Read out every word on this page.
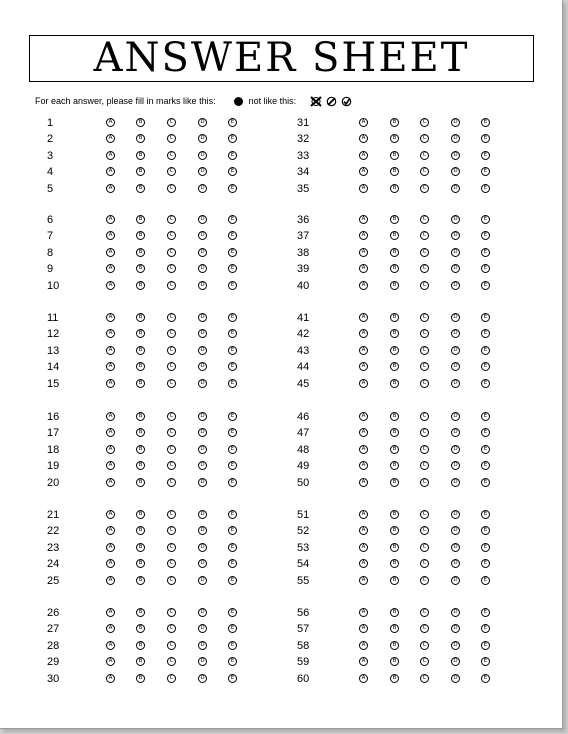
ANSWER SHEET
For each answer, please fill in marks like this:	not like this:
1	A	B	C	D	E
2	A	B	C	D	E
3	A	B	C	D	E
4	A	B	C	D	E
5	A	B	C	D	E
6	A	B	C	D	E
7	A	B	C	D	E
8	A	B	C	D	E
9	A	B	C	D	E
10	A	B	C	D	E
11	A	B	C	D	E
12	A	B	C	D	E
13	A	B	C	D	E
14	A	B	C	D	E
15	A	B	C	D	E
16	A	B	C	D	E
17	A	B	C	D	E
18	A	B	C	D	E
19	A	B	C	D	E
20	A	B	C	D	E
21	A	B	C	D	E
22	A	B	C	D	E
23	A	B	C	D	E
24	A	B	C	D	E
25	A	B	C	D	E
26	A	B	C	D	E
27	A	B	C	D	E
28	A	B	C	D	E
29	A	B	C	D	E
30	A	B	C	D	E
31	A	B	C	D	E
32	A	B	C	D	E
33	A	B	C	D	E
34	A	B	C	D	E
35	A	B	C	D	E
36	A	B	C	D	E
37	A	B	C	D	E
38	A	B	C	D	E
39	A	B	C	D	E
40	A	B	C	D	E
41	A	B	C	D	E
42	A	B	C	D	E
43	A	B	C	D	E
44	A	B	C	D	E
45	A	B	C	D	E
46	A	B	C	D	E
47	A	B	C	D	E
48	A	B	C	D	E
49	A	B	C	D	E
50	A	B	C	D	E
51	A	B	C	D	E
52	A	B	C	D	E
53	A	B	C	D	E
54	A	B	C	D	E
55	A	B	C	D	E
56	A	B	C	D	E
57	A	B	C	D	E
58	A	B	C	D	E
59	A	B	C	D	E
60	A	B	C	D	E
